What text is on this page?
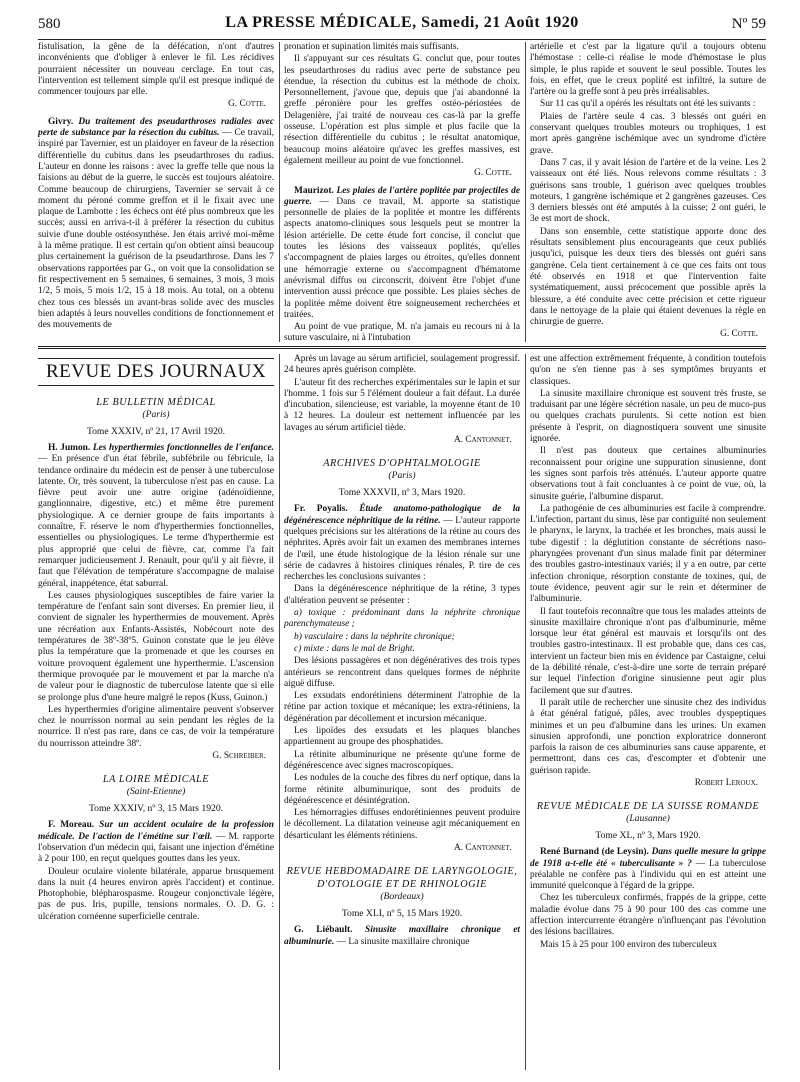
580	LA PRESSE MÉDICALE, Samedi, 21 Août 1920	Nº 59

fistulisation, la gêne de la défécation, n'ont d'autres inconvénients que d'obliger à enlever le fil. Les récidives pourraient nécessiter un nouveau cerclage. En tout cas, l'intervention est tellement simple qu'il est presque indiqué de commencer toujours par elle.

G. Cotte.

Givry. Du traitement des pseudarthroses radiales avec perte de substance par la résection du cubitus. — Ce travail, inspiré par Tavernier, est un plaidoyer en faveur de la résection différentielle du cubitus dans les pseudarthroses du radius. L'auteur en donne les raisons : avec la greffe telle que nous la faisions au début de la guerre, le succès est toujours aléatoire. Comme beaucoup de chirurgiens, Tavernier se servait à ce moment du péroné comme greffon et il le fixait avec une plaque de Lambotte : les échecs ont été plus nombreux que les succès; aussi en arriva-t-il à préférer la résection du cubitus suivie d'une double ostéosynthèse. Jen étais arrivé moi-même à la même pratique. Il est certain qu'on obtient ainsi beaucoup plus certainement la guérison de la pseudarthrose. Dans les 7 observations rapportées par G., on voit que la consolidation se fit respectivement en 5 semaines, 6 semaines, 3 mois, 3 mois 1/2, 5 mois, 5 mois 1/2, 15 à 18 mois. Au total, on a obtenu chez tous ces blessés un avant-bras solide avec des muscles bien adaptés à leurs nouvelles conditions de fonctionnement et des mouvements de

pronation et supination limités mais suffisants.

Il s'appuyant sur ces résultats G. conclut que, pour toutes les pseudarthroses du radius avec perte de substance peu étendue, la résection du cubitus est la méthode de choix. Personnellement, j'avoue que, depuis que j'ai abandonné la greffe péronière pour les greffes ostéo-périostées de Delagenière, j'ai traité de nouveau ces cas-là par la greffe osseuse. L'opération est plus simple et plus facile que la résection différentielle du cubitus ; le résultat anatomique, beaucoup moins aléatoire qu'avec les greffes massives, est également meilleur au point de vue fonctionnel.

G. Cotte.

Maurizot. Les plaies de l'artère poplitée par projectiles de guerre. — Dans ce travail, M. apporte sa statistique personnelle de plaies de la poplitée et montre les différents aspects anatomo-cliniques sous lesquels peut se montrer la lésion artérielle. De cette étude fort concise, il conclut que toutes les lésions des vaisseaux poplités, qu'elles s'accompagnent de plaies larges ou étroites, qu'elles donnent une hémorragie externe ou s'accompagnent d'hématome anévrismal diffus ou circonscrit, doivent être l'objet d'une intervention aussi précoce que possible. Les plaies sèches de la poplitée même doivent être soigneusement recherchées et traitées.

Au point de vue pratique, M. n'a jamais eu recours ni à la suture vasculaire, ni à l'intubation

artérielle et c'est par la ligature qu'il a toujours obtenu l'hémostase : celle-ci réalise le mode d'hémostase le plus simple, le plus rapide et souvent le seul possible. Toutes les fois, en effet, que le creux poplité est infiltré, la suture de l'artère ou la greffe sont à peu près irréalisables.

Sur 11 cas qu'il a opérés les résultats ont été les suivants :

Plaies de l'artère seule 4 cas. 3 blessés ont guéri en conservant quelques troubles moteurs ou trophiques, 1 est mort après gangrène ischémique avec un syndrome d'ictère grave.

Dans 7 cas, il y avait lésion de l'artère et de la veine. Les 2 vaisseaux ont été liés. Nous relevons comme résultats : 3 guérisons sans trouble, 1 guérison avec quelques troubles moteurs, 1 gangrène ischémique et 2 gangrènes gazeuses. Ces 3 derniers blessés ont été amputés à la cuisse; 2 ont guéri, le 3e est mort de shock.

Dans son ensemble, cette statistique apporte donc des résultats sensiblement plus encourageants que ceux publiés jusqu'ici, puisque les deux tiers des blessés ont guéri sans gangrène. Cela tient certainement à ce que ces faits ont tous été observés en 1918 et que l'intervention faite systématiquement, aussi précocement que possible après la blessure, a été conduite avec cette précision et cette rigueur dans le nettoyage de la plaie qui étaient devenues la règle en chirurgie de guerre.

G. Cotte.

REVUE DES JOURNAUX
LE BULLETIN MÉDICAL
(Paris)
Tome XXXIV, nº 21, 17 Avril 1920.

H. Jumon. Les hyperthermies fonctionnelles de l'enfance. — En présence d'un état fébrile, subfébrile ou fébricule, la tendance ordinaire du médecin est de penser à une tuberculose latente. Or, très souvent, la tuberculose n'est pas en cause. La fièvre peut avoir une autre origine (adénoïdienne, ganglionnaire, digestive, etc.) et même être purement physiologique. A ce dernier groupe de faits importants à connaître, F. réserve le nom d'hyperthermies fonctionnelles, essentielles ou physiologiques. Le terme d'hyperthermie est plus approprié que celui de fièvre, car, comme l'a fait remarquer judicieusement J. Renault, pour qu'il y ait fièvre, il faut que l'élévation de température s'accompagne de malaise général, inappétence, état saburral.

Les causes physiologiques susceptibles de faire varier la température de l'enfant sain sont diverses. En premier lieu, il convient de signaler les hyperthermies de mouvement. Après une récréation aux Enfants-Assistés, Nobécourt note des températures de 38º-38º5. Guinon constate que le jeu élève plus la température que la promenade et que les courses en voiture provoquent également une hyperthermie. L'ascension thermique provoquée par le mouvement et par la marche n'a de valeur pour le diagnostic de tuberculose latente que si elle se prolonge plus d'une heure malgré le repos (Kuss, Guinon.)

Les hyperthermies d'origine alimentaire peuvent s'observer chez le nourrisson normal au sein pendant les règles de la nourrice. Il n'est pas rare, dans ce cas, de voir la température du nourrisson atteindre 38º.

G. Schreiber.

LA LOIRE MÉDICALE
(Saint-Etienne)
Tome XXXIV, nº 3, 15 Mars 1920.

F. Moreau. Sur un accident oculaire de la profession médicale. De l'action de l'émétine sur l'œil. — M. rapporte l'observation d'un médecin qui, faisant une injection d'émétine à 2 pour 100, en reçut quelques gouttes dans les yeux.

Douleur oculaire violente bilatérale, apparue brusquement dans la nuit (4 heures environ après l'accident) et continue. Photophobie, blépharospasme. Rougeur conjonctivale légère, pas de pus. Iris, pupille, tensions normales. O. D. G. : ulcération cornéenne superficielle centrale.

Après un lavage au sérum artificiel, soulagement progressif. 24 heures après guérison complète.

L'auteur fit des recherches expérimentales sur le lapin et sur l'homme. 1 fois sur 5 l'élément douleur a fait défaut. La durée d'incubation, silencieuse, est variable, la moyenne étant de 10 à 12 heures. La douleur est nettement influencée par les lavages au sérum artificiel tiède.

A. Cantonnet.

ARCHIVES D'OPHTALMOLOGIE
(Paris)
Tome XXXVII, nº 3, Mars 1920.

Fr. Poyalis. Étude anatomo-pathologique de la dégénérescence néphritique de la rétine. — L'auteur rapporte quelques précisions sur les altérations de la rétine au cours des néphrites. Après avoir fait un examen des membranes internes de l'œil, une étude histologique de la lésion rénale sur une série de cadavres à histoires cliniques rénales, P. tire de ces recherches les conclusions suivantes :

Dans la dégénérescence néphritique de la rétine, 3 types d'altération peuvent se présenter :

a) toxique : prédominant dans la néphrite chronique parenchymateuse ;

b) vasculaire : dans la néphrite chronique;

c) mixte : dans le mal de Bright.

Des lésions passagères et non dégénératives des trois types antérieurs se rencontrent dans quelques formes de néphrite aiguë diffuse.

Les exsudats endorétiniens déterminent l'atrophie de la rétine par action toxique et mécanique; les extra-rétiniens, la dégénération par décollement et incursion mécanique.

Les lipoïdes des exsudats et les plaques blanches appartiennent au groupe des phosphatides.

La rétinite albuminurique ne présente qu'une forme de dégénérescence avec signes macroscopiques.

Les nodules de la couche des fibres du nerf optique, dans la forme rétinite albuminurique, sont des produits de dégénérescence et désintégration.

Les hémorragies diffuses endorétiniennes peuvent produire le décollement. La dilatation veineuse agit mécaniquement en désarticulant les éléments rétiniens.

A. Cantonnet.

REVUE HEBDOMADAIRE DE LARYNGOLOGIE, D'OTOLOGIE ET DE RHINOLOGIE
(Bordeaux)
Tome XLI, nº 5, 15 Mars 1920.

G. Liébault. Sinusite maxillaire chronique et albuminurie. — La sinusite maxillaire chronique

est une affection extrêmement fréquente, à condition toutefois qu'on ne s'en tienne pas à ses symptômes bruyants et classiques.

La sinusite maxillaire chronique est souvent très fruste, se traduisant par une légère sécrétion nasale, un peu de muco-pus ou quelques crachats purulents. Si cette notion est bien présente à l'esprit, on diagnostiquera souvent une sinusite ignorée.

Il n'est pas douteux que certaines albuminuries reconnaissent pour origine une suppuration sinusienne, dont les signes sont parfois très atténués. L'auteur apporte quatre observations tout à fait concluantes à ce point de vue, où, la sinusite guérie, l'albumine disparut.

La pathogénie de ces albuminuries est facile à comprendre. L'infection, partant du sinus, lèse par contiguïté non seulement le pharynx, le larynx, la trachée et les bronches, mais aussi le tube digestif : la déglutition constante de sécrétions naso-pharyngées provenant d'un sinus malade finit par déterminer des troubles gastro-intestinaux variés; il y a en outre, par cette infection chronique, résorption constante de toxines, qui, de toute évidence, peuvent agir sur le rein et déterminer de l'albuminurie.

Il faut toutefois reconnaître que tous les malades atteints de sinusite maxillaire chronique n'ont pas d'albuminurie, même lorsque leur état général est mauvais et lorsqu'ils ont des troubles gastro-intestinaux. Il est probable que, dans ces cas, intervient un facteur bien mis en évidence par Castaigne, celui de la débilité rénale, c'est-à-dire une sorte de terrain préparé sur lequel l'infection d'origine sinusienne peut agir plus facilement que sur d'autres.

Il paraît utile de rechercher une sinusite chez des individus à état général fatigué, pâles, avec troubles dyspeptiques minimes et un peu d'albumine dans les urines. Un examen sinusien approfondi, une ponction exploratrice donneront parfois la raison de ces albuminuries sans cause apparente, et permettront, dans ces cas, d'escompter et d'obtenir une guérison rapide.

Robert Leroux.

REVUE MÉDICALE DE LA SUISSE ROMANDE
(Lausanne)
Tome XL, nº 3, Mars 1920.

René Burnand (de Leysin). Dans quelle mesure la grippe de 1918 a-t-elle été « tuberculisante » ? — La tuberculose préalable ne confère pas à l'individu qui en est atteint une immunité quelconque à l'égard de la grippe.

Chez les tuberculeux confirmés, frappés de la grippe, cette maladie évolue dans 75 à 90 pour 100 des cas comme une affection intercurrente étrangère n'influençant pas l'évolution des lésions bacillaires.

Mais 15 à 25 pour 100 environ des tuberculeux
